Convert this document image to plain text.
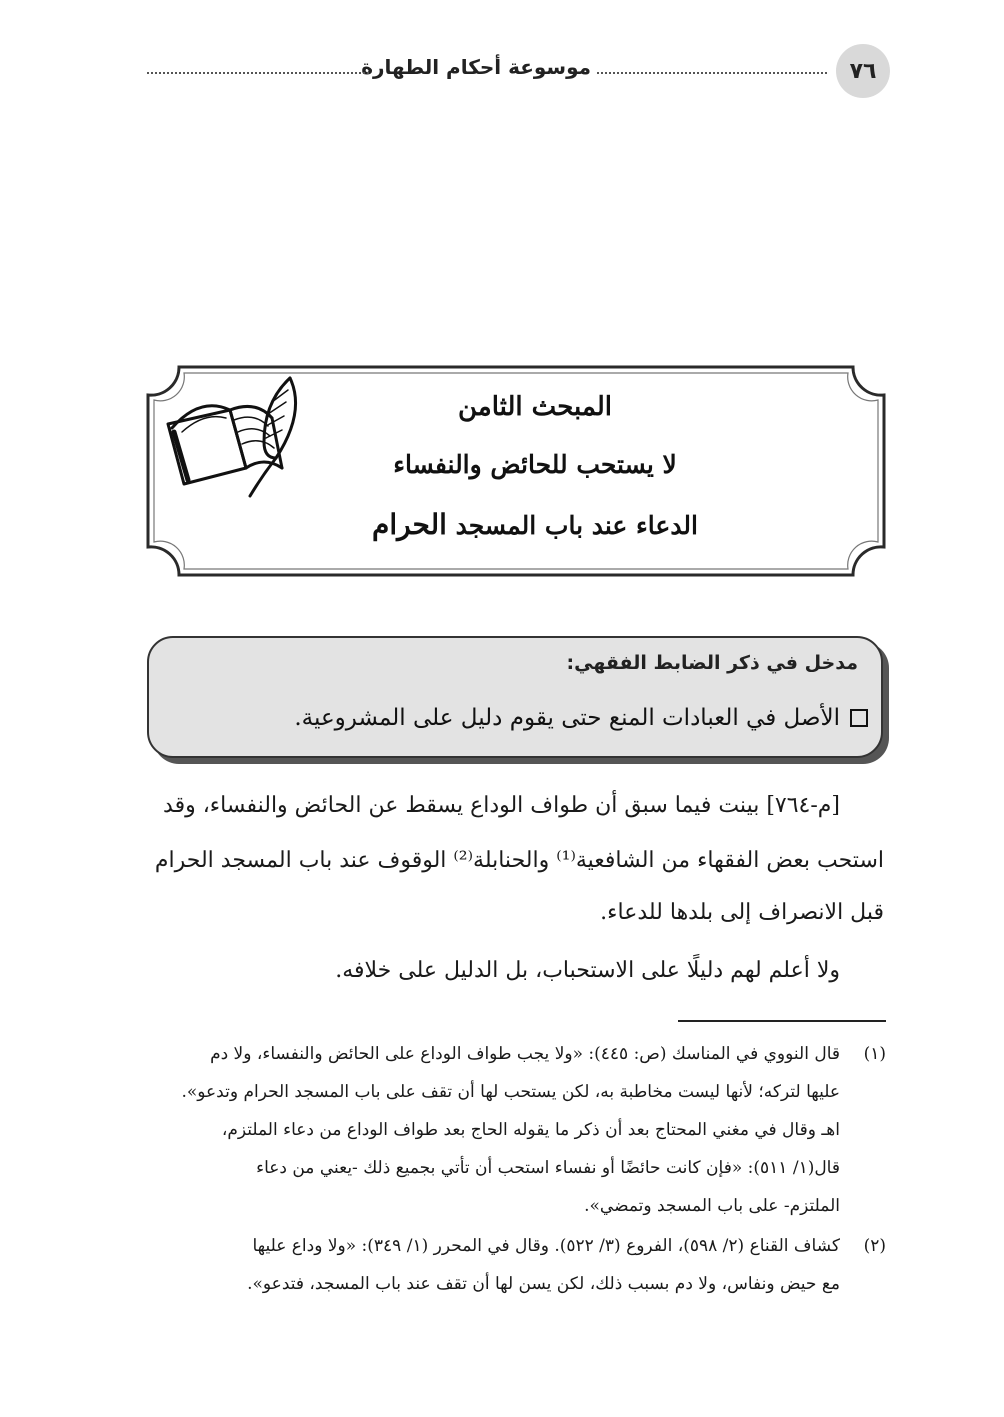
٧٦
موسوعة أحكام الطهارة
المبحث الثامن
لا يستحب للحائض والنفساء
الدعاء عند باب المسجد الحرام
مدخل في ذكر الضابط الفقهي:
الأصل في العبادات المنع حتى يقوم دليل على المشروعية.
[م-٧٦٤] بينت فيما سبق أن طواف الوداع يسقط عن الحائض والنفساء، وقد
استحب بعض الفقهاء من الشافعية⁽¹⁾ والحنابلة⁽²⁾ الوقوف عند باب المسجد الحرام
قبل الانصراف إلى بلدها للدعاء.
ولا أعلم لهم دليلًا على الاستحباب، بل الدليل على خلافه.
(١)
قال النووي في المناسك (ص: ٤٤٥): «ولا يجب طواف الوداع على الحائض والنفساء، ولا دم
عليها لتركه؛ لأنها ليست مخاطبة به، لكن يستحب لها أن تقف على باب المسجد الحرام وتدعو».
اهـ وقال في مغني المحتاج بعد أن ذكر ما يقوله الحاج بعد طواف الوداع من دعاء الملتزم،
قال(١/ ٥١١): «فإن كانت حائضًا أو نفساء استحب أن تأتي بجميع ذلك -يعني من دعاء
الملتزم- على باب المسجد وتمضي».
(٢)
كشاف القناع (٢/ ٥٩٨)، الفروع (٣/ ٥٢٢). وقال في المحرر (١/ ٣٤٩): «ولا وداع عليها
مع حيض ونفاس، ولا دم بسبب ذلك، لكن يسن لها أن تقف عند باب المسجد، فتدعو».
